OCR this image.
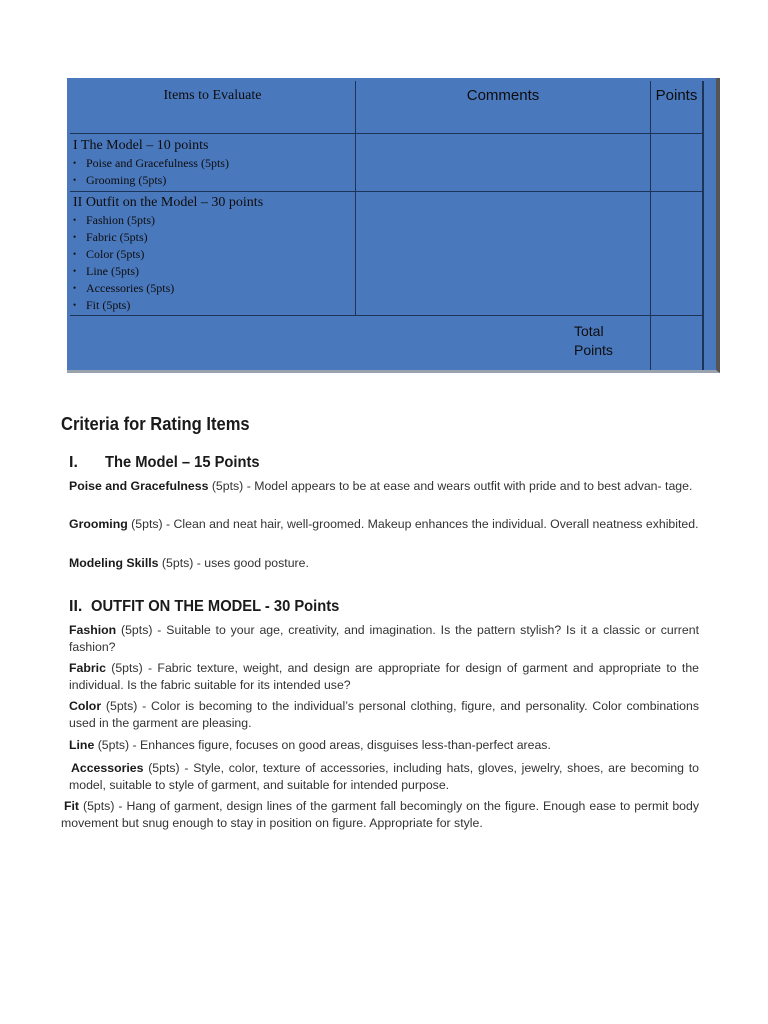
Items to Evaluate	Comments	Points
I The Model – 10 points
• Poise and Gracefulness (5pts)
• Grooming (5pts)
II Outfit on the Model – 30 points
• Fashion (5pts)
• Fabric (5pts)
• Color (5pts)
• Line (5pts)
• Accessories (5pts)
• Fit (5pts)
Total
Points
Criteria for Rating Items
I. The Model – 15 Points

Poise and Gracefulness (5pts) - Model appears to be at ease and wears outfit with pride and to best advan- tage.

Grooming (5pts) - Clean and neat hair, well-groomed. Makeup enhances the individual. Overall neatness exhibited.

Modeling Skills (5pts) - uses good posture.

II. OUTFIT ON THE MODEL - 30 Points

Fashion (5pts) - Suitable to your age, creativity, and imagination. Is the pattern stylish? Is it a classic or current fashion?

Fabric (5pts) - Fabric texture, weight, and design are appropriate for design of garment and appropriate to the individual. Is the fabric suitable for its intended use?

Color (5pts) - Color is becoming to the individual’s personal clothing, figure, and personality. Color combinations used in the garment are pleasing.

Line (5pts) - Enhances figure, focuses on good areas, disguises less-than-perfect areas.

Accessories (5pts) - Style, color, texture of accessories, including hats, gloves, jewelry, shoes, are becoming to model, suitable to style of garment, and suitable for intended purpose.

Fit (5pts) - Hang of garment, design lines of the garment fall becomingly on the figure. Enough ease to permit body movement but snug enough to stay in position on figure. Appropriate for style.
